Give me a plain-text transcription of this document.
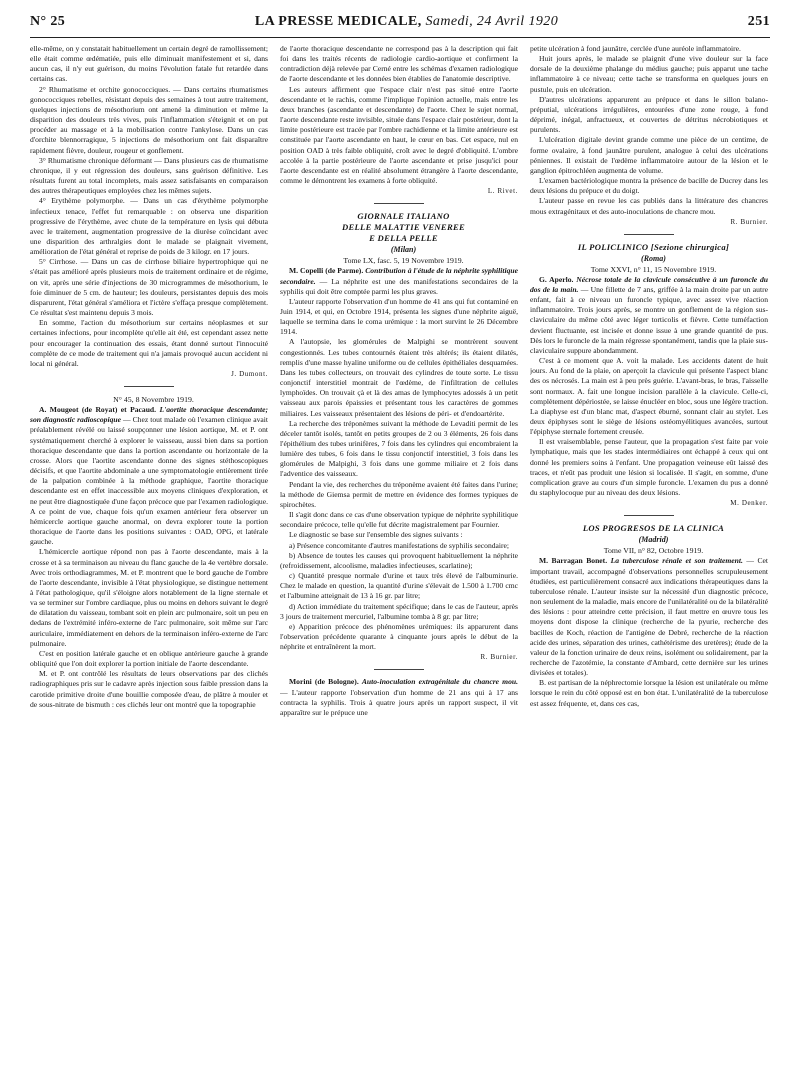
N° 25	LA PRESSE MEDICALE, Samedi, 24 Avril 1920	251

elle-même, on y constatait habituellement un certain degré de ramollissement; elle était comme œdématiée, puis elle diminuait manifestement et si, dans aucun cas, il n'y eut guérison, du moins l'évolution fatale fut retardée dans certains cas.

2° Rhumatisme et orchite gonococciques. — Dans certains rhumatismes gonococciques rebelles, résistant depuis des semaines à tout autre traitement, quelques injections de mésothorium ont amené la diminution et même la disparition des douleurs très vives, puis l'inflammation s'éteignit et on put procéder au massage et à la mobilisation contre l'ankylose. Dans un cas d'orchite blennorragique, 5 injections de mésothorium ont fait disparaître rapidement fièvre, douleur, rougeur et gonflement.

3° Rhumatisme chronique déformant — Dans plusieurs cas de rhumatisme chronique, il y eut régression des douleurs, sans guérison définitive. Les résultats furent au total incomplets, mais assez satisfaisants en comparaison des autres thérapeutiques employées chez les mêmes sujets.

4° Erythème polymorphe. — Dans un cas d'érythème polymorphe infectieux tenace, l'effet fut remarquable : on observa une disparition progressive de l'érythème, avec chute de la température en lysis qui débuta avec le traitement, augmentation progressive de la diurèse coïncidant avec une disparition des arthralgies dont le malade se plaignait vivement, amélioration de l'état général et reprise de poids de 3 kilogr. en 17 jours.

5° Cirrhose. — Dans un cas de cirrhose biliaire hypertrophique qui ne s'était pas amélioré après plusieurs mois de traitement ordinaire et de régime, on vit, après une série d'injections de 30 microgrammes de mésothorium, le foie diminuer de 5 cm. de hauteur; les douleurs, persistantes depuis des mois disparurent, l'état général s'améliora et l'ictère s'effaça presque complètement. Ce résultat s'est maintenu depuis 3 mois.

En somme, l'action du mésothorium sur certains néoplasmes et sur certaines infections, pour incomplète qu'elle ait été, est cependant assez nette pour encourager la continuation des essais, étant donné surtout l'innocuité complète de ce mode de traitement qui n'a jamais provoqué aucun accident ni local ni général.

J. Dumont.

N° 45, 8 Novembre 1919.

A. Mougeot (de Royat) et Pacaud. L'aortite thoracique descendante; son diagnostic radioscopique — Chez tout malade où l'examen clinique avait préalablement révélé ou laissé soupçonner une lésion aortique, M. et P. ont systématiquement cherché à explorer le vaisseau, aussi bien dans sa portion thoracique descendante que dans la portion ascendante ou horizontale de la crosse. Alors que l'aortite ascendante donne des signes stéthoscopiques décisifs, et que l'aortite abdominale a une symptomatologie entièrement tirée de la palpation combinée à la méthode graphique, l'aortite thoracique descendante est en effet inaccessible aux moyens cliniques d'exploration, et ne peut être diagnostiquée d'une façon précoce que par l'examen radiologique. A ce point de vue, chaque fois qu'un examen antérieur fera observer un hémicercle aortique gauche anormal, on devra explorer toute la portion thoracique de l'aorte dans les positions suivantes : OAD, OPG, et latérale gauche.

L'hémicercle aortique répond non pas à l'aorte descendante, mais à la crosse et à sa terminaison au niveau du flanc gauche de la 4e vertèbre dorsale. Avec trois orthodiagrammes, M. et P. montrent que le bord gauche de l'ombre de l'aorte descendante, invisible à l'état physiologique, se distingue nettement à l'état pathologique, qu'il s'éloigne alors notablement de la ligne sternale et va se terminer sur l'ombre cardiaque, plus ou moins en dehors suivant le degré de dilatation du vaisseau, tombant soit en plein arc pulmonaire, soit un peu en dedans de l'extrémité inféro-externe de l'arc pulmonaire, soit même sur l'arc auriculaire, immédiatement en dehors de la terminaison inféro-externe de l'arc pulmonaire.

C'est en position latérale gauche et en oblique antérieure gauche à grande obliquité que l'on doit explorer la portion initiale de l'aorte descendante.

M. et P. ont contrôlé les résultats de leurs observations par des clichés radiographiques pris sur le cadavre après injection sous faible pression dans la carotide primitive droite d'une bouillie composée d'eau, de plâtre à mouler et de sous-nitrate de bismuth : ces clichés leur ont montré que la topographie

de l'aorte thoracique descendante ne correspond pas à la description qui fait foi dans les traités récents de radiologie cardio-aortique et confirment la contradiction déjà relevée par Cerné entre les schémas d'examen radiologique de l'aorte descendante et les données bien établies de l'anatomie descriptive.

Les auteurs affirment que l'espace clair n'est pas situé entre l'aorte descendante et le rachis, comme l'implique l'opinion actuelle, mais entre les deux branches (ascendante et descendante) de l'aorte. Chez le sujet normal, l'aorte descendante reste invisible, située dans l'espace clair postérieur, dont la limite postérieure est tracée par l'ombre rachidienne et la limite antérieure est constituée par l'aorte ascendante en haut, le cœur en bas. Cet espace, nul en position OAD à très faible obliquité, croît avec le degré d'obliquité. L'ombre accolée à la partie postérieure de l'aorte ascendante et prise jusqu'ici pour l'aorte descendante est en réalité absolument étrangère à l'aorte descendante, comme le démontrent les examens à forte obliquité.

L. Rivet.

GIORNALE ITALIANO

DELLE MALATTIE VENEREE

E DELLA PELLE

(Milan)

Tome LX, fasc. 5, 19 Novembre 1919.

M. Copelli (de Parme). Contribution à l'étude de la néphrite syphilitique secondaire. — La néphrite est une des manifestations secondaires de la syphilis qui doit être comptée parmi les plus graves.

L'auteur rapporte l'observation d'un homme de 41 ans qui fut contaminé en Juin 1914, et qui, en Octobre 1914, présenta les signes d'une néphrite aiguë, laquelle se termina dans le coma urémique : la mort survint le 26 Décembre 1914.

A l'autopsie, les glomérules de Malpighi se montrèrent souvent congestionnés. Les tubes contournés étaient très altérés; ils étaient dilatés, remplis d'une masse hyaline uniforme ou de cellules épithéliales desquamées. Dans les tubes collecteurs, on trouvait des cylindres de toute sorte. Le tissu conjonctif interstitiel montrait de l'œdème, de l'infiltration de cellules lymphoïdes. On trouvait çà et là des amas de lymphocytes adossés à un petit vaisseau aux parois épaissies et présentant tous les caractères de gommes miliaires. Les vaisseaux présentaient des lésions de péri- et d'endoartérite.

La recherche des tréponèmes suivant la méthode de Levaditi permit de les déceler tantôt isolés, tantôt en petits groupes de 2 ou 3 éléments, 26 fois dans l'épithélium des tubes urinifères, 7 fois dans les cylindres qui encombraient la lumière des tubes, 6 fois dans le tissu conjonctif interstitiel, 3 fois dans les glomérules de Malpighi, 3 fois dans une gomme miliaire et 2 fois dans l'adventice des vaisseaux.

Pendant la vie, des recherches du tréponème avaient été faites dans l'urine; la méthode de Giemsa permit de mettre en évidence des formes typiques de spirochètes.

Il s'agit donc dans ce cas d'une observation typique de néphrite syphilitique secondaire précoce, telle qu'elle fut décrite magistralement par Fournier.

Le diagnostic se base sur l'ensemble des signes suivants :

a) Présence concomitante d'autres manifestations de syphilis secondaire;

b) Absence de toutes les causes qui provoquent habituellement la néphrite (refroidissement, alcoolisme, maladies infectieuses, scarlatine);

c) Quantité presque normale d'urine et taux très élevé de l'albuminurie. Chez le malade en question, la quantité d'urine s'élevait de 1.500 à 1.700 cmc et l'albumine atteignait de 13 à 16 gr. par litre;

d) Action immédiate du traitement spécifique; dans le cas de l'auteur, après 3 jours de traitement mercuriel, l'albumine tomba à 8 gr. par litre;

e) Apparition précoce des phénomènes urémiques: ils apparurent dans l'observation précédente quarante à cinquante jours après le début de la néphrite et entraînèrent la mort.

R. Burnier.

Morini (de Bologne). Auto-inoculation extragénitale du chancre mou. — L'auteur rapporte l'observation d'un homme de 21 ans qui à 17 ans contracta la syphilis. Trois à quatre jours après un rapport suspect, il vit apparaître sur le prépuce une

petite ulcération à fond jaunâtre, cerclée d'une auréole inflammatoire.

Huit jours après, le malade se plaignit d'une vive douleur sur la face dorsale de la deuxième phalange du médius gauche; puis apparut une tache inflammatoire à ce niveau; cette tache se transforma en quelques jours en pustule, puis en ulcération.

D'autres ulcérations apparurent au prépuce et dans le sillon balano-préputial, ulcérations irrégulières, entourées d'une zone rouge, à fond déprimé, inégal, anfractueux, et couvertes de détritus nécrobiotiques et purulents.

L'ulcération digitale devint grande comme une pièce de un centime, de forme ovalaire, à fond jaunâtre purulent, analogue à celui des ulcérations péniennes. Il existait de l'œdème inflammatoire autour de la lésion et le ganglion épitrochléen augmenta de volume.

L'examen bactériologique montra la présence de bacille de Ducrey dans les deux lésions du prépuce et du doigt.

L'auteur passe en revue les cas publiés dans la littérature des chancres mous extragénitaux et des auto-inoculations de chancre mou.

R. Burnier.

IL POLICLINICO [Sezione chirurgica]

(Roma)

Tome XXVI, n° 11, 15 Novembre 1919.

G. Aperlo. Nécrose totale de la clavicule consécutive à un furoncle du dos de la main. — Une fillette de 7 ans, griffée à la main droite par un autre enfant, fait à ce niveau un furoncle typique, avec assez vive réaction inflammatoire. Trois jours après, se montre un gonflement de la région sus-claviculaire du même côté avec léger torticolis et fièvre. Cette tuméfaction devient fluctuante, est incisée et donne issue à une grande quantité de pus. Dès lors le furoncle de la main régresse spontanément, tandis que la plaie sus-claviculaire suppure abondamment.

C'est à ce moment que A. voit la malade. Les accidents datent de huit jours. Au fond de la plaie, on aperçoit la clavicule qui présente l'aspect blanc des os nécrosés. La main est à peu près guérie. L'avant-bras, le bras, l'aisselle sont normaux. A. fait une longue incision parallèle à la clavicule. Celle-ci, complètement dépériostée, se laisse énucléer en bloc, sous une légère traction. La diaphyse est d'un blanc mat, d'aspect éburné, sonnant clair au stylet. Les deux épiphyses sont le siège de lésions ostéomyélitiques avancées, surtout l'épiphyse sternale fortement creusée.

Il est vraisemblable, pense l'auteur, que la propagation s'est faite par voie lymphatique, mais que les stades intermédiaires ont échappé à ceux qui ont donné les premiers soins à l'enfant. Une propagation veineuse eût laissé des traces, et n'eût pas produit une lésion si localisée. Il s'agit, en somme, d'une complication grave au cours d'un simple furoncle. L'examen du pus a donné du staphylocoque pur au niveau des deux lésions.

M. Denker.

LOS PROGRESOS DE LA CLINICA

(Madrid)

Tome VII, n° 82, Octobre 1919.

M. Barragan Bonet. La tuberculose rénale et son traitement. — Cet important travail, accompagné d'observations personnelles scrupuleusement étudiées, est particulièrement consacré aux indications thérapeutiques dans la tuberculose rénale. L'auteur insiste sur la nécessité d'un diagnostic précoce, non seulement de la maladie, mais encore de l'unilatéralité ou de la bilatéralité des lésions : pour atteindre cette précision, il faut mettre en œuvre tous les moyens dont dispose la clinique (recherche de la pyurie, recherche des bacilles de Koch, réaction de l'antigène de Debré, recherche de la réaction acide des urines, séparation des urines, cathétérisme des uretères); étude de la valeur de la fonction urinaire de deux reins, isolément ou solidairement, par la recherche de l'azotémie, la constante d'Ambard, cette dernière sur les urines divisées et totales).

B. est partisan de la néphrectomie lorsque la lésion est unilatérale ou même lorsque le rein du côté opposé est en bon état. L'unilatéralité de la tuberculose est assez fréquente, et, dans ces cas,
